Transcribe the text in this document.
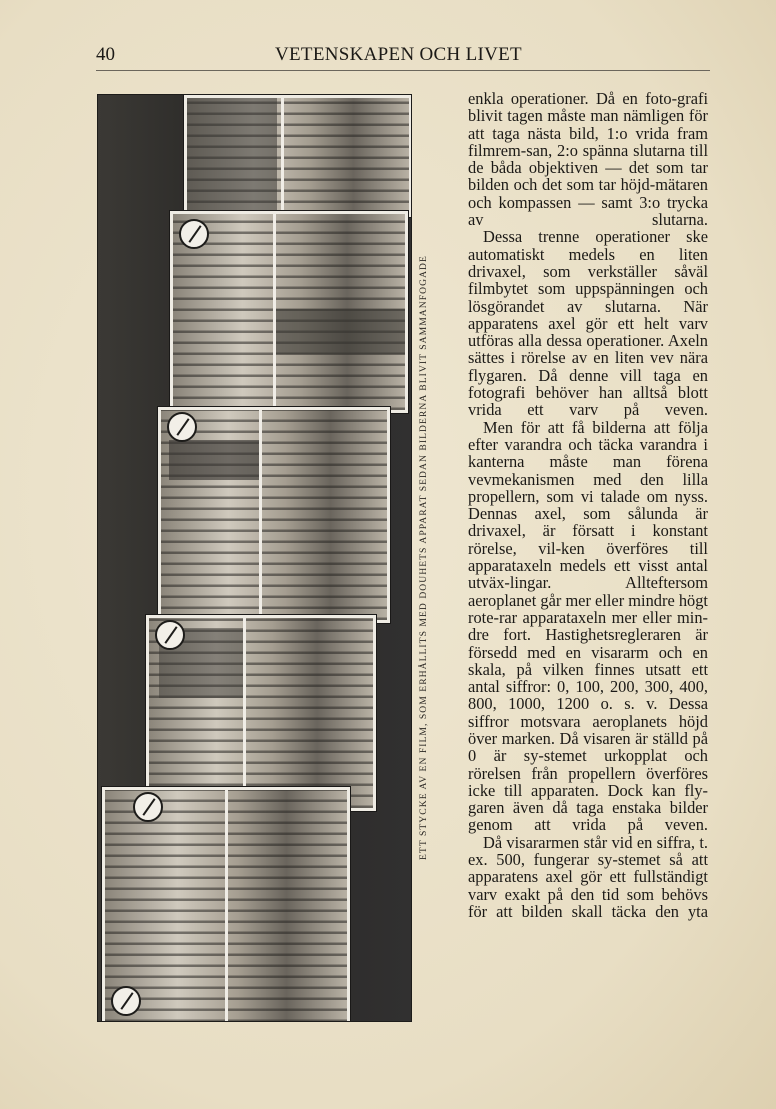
40	VETENSKAPEN OCH LIVET
ETT STYCKE AV EN FILM, SOM ERHÅLLITS MED DOUHETS APPARAT SEDAN BILDERNA BLIVIT SAMMANFOGADE

enkla operationer. Då en foto-grafi blivit tagen måste man nämligen för att taga nästa bild, 1:o vrida fram filmrem-san, 2:o spänna slutarna till de båda objektiven — det som tar bilden och det som tar höjd-mätaren och kompassen — samt 3:o trycka av slutarna.

Dessa trenne operationer ske automatiskt medels en liten drivaxel, som verkställer såväl filmbytet som uppspänningen och lösgörandet av slutarna. När apparatens axel gör ett helt varv utföras alla dessa operationer. Axeln sättes i rörelse av en liten vev nära flygaren. Då denne vill taga en fotografi behöver han alltså blott vrida ett varv på veven.

Men för att få bilderna att följa efter varandra och täcka varandra i kanterna måste man förena vevmekanismen med den lilla propellern, som vi talade om nyss. Dennas axel, som sålunda är drivaxel, är försatt i konstant rörelse, vil-ken överföres till apparataxeln medels ett visst antal utväx-lingar. Allteftersom aeroplanet går mer eller mindre högt rote-rar apparataxeln mer eller min-dre fort. Hastighetsregleraren är försedd med en visararm och en skala, på vilken finnes utsatt ett antal siffror: 0, 100, 200, 300, 400, 800, 1000, 1200 o. s. v. Dessa siffror motsvara aeroplanets höjd över marken. Då visaren är ställd på 0 är sy-stemet urkopplat och rörelsen från propellern överföres icke till apparaten. Dock kan fly-garen även då taga enstaka bilder genom att vrida på veven.

Då visararmen står vid en siffra, t. ex. 500, fungerar sy-stemet så att apparatens axel gör ett fullständigt varv exakt på den tid som behövs för att bilden skall täcka den yta
